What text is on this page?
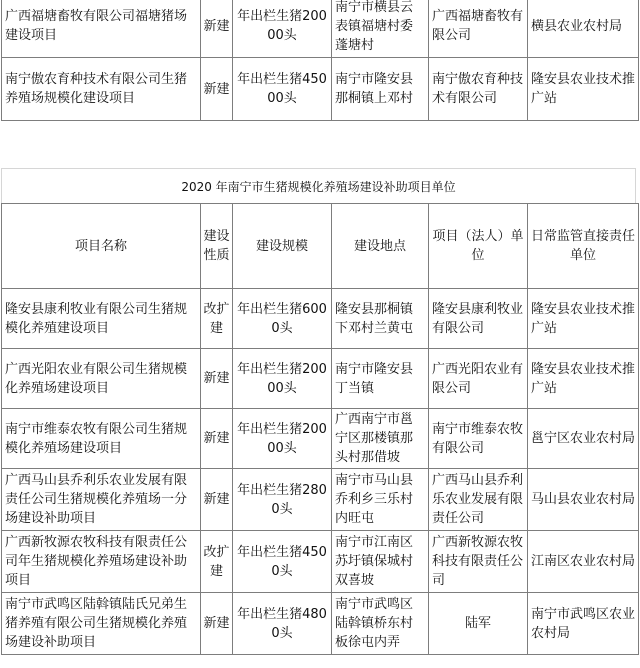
广西福塘畜牧有限公司福塘猪场建设项目	新建	年出栏生猪20000头	南宁市横县云表镇福塘村委蓬塘村	广西福塘畜牧有限公司	横县农业农村局
南宁傲农育种技术有限公司生猪养殖场规模化建设项目	新建	年出栏生猪45000头	南宁市隆安县那桐镇上邓村	南宁傲农育种技术有限公司	隆安县农业技术推广站
2020 年南宁市生猪规模化养殖场建设补助项目单位
项目名称	建设性质	建设规模	建设地点	项目（法人）单位	日常监管直接责任单位
隆安县康利牧业有限公司生猪规模化养殖建设项目	改扩建	年出栏生猪6000头	隆安县那桐镇下邓村兰黄屯	隆安县康利牧业有限公司	隆安县农业技术推广站
广西光阳农业有限公司生猪规模化养殖场建设项目	新建	年出栏生猪20000头	南宁市隆安县丁当镇	广西光阳农业有限公司	隆安县农业技术推广站
南宁市维泰农牧有限公司生猪规模化养殖场建设项目	新建	年出栏生猪20000头	广西南宁市邕宁区那楼镇那头村那借坡	南宁市维泰农牧有限公司	邕宁区农业农村局
广西马山县乔利乐农业发展有限责任公司生猪规模化养殖场一分场建设补助项目	新建	年出栏生猪2800头	南宁市马山县乔利乡三乐村内旺屯	广西马山县乔利乐农业发展有限责任公司	马山县农业农村局
广西新牧源农牧科技有限责任公司年生猪规模化养殖场建设补助项目	改扩建	年出栏生猪4500头	南宁市江南区苏圩镇保城村双喜坡	广西新牧源农牧科技有限责任公司	江南区农业农村局
南宁市武鸣区陆斡镇陆氏兄弟生猪养殖有限公司生猪规模化养殖场建设补助项目	新建	年出栏生猪4800头	南宁市武鸣区陆斡镇桥东村板徐屯内弄	陆军	南宁市武鸣区农业农村局
